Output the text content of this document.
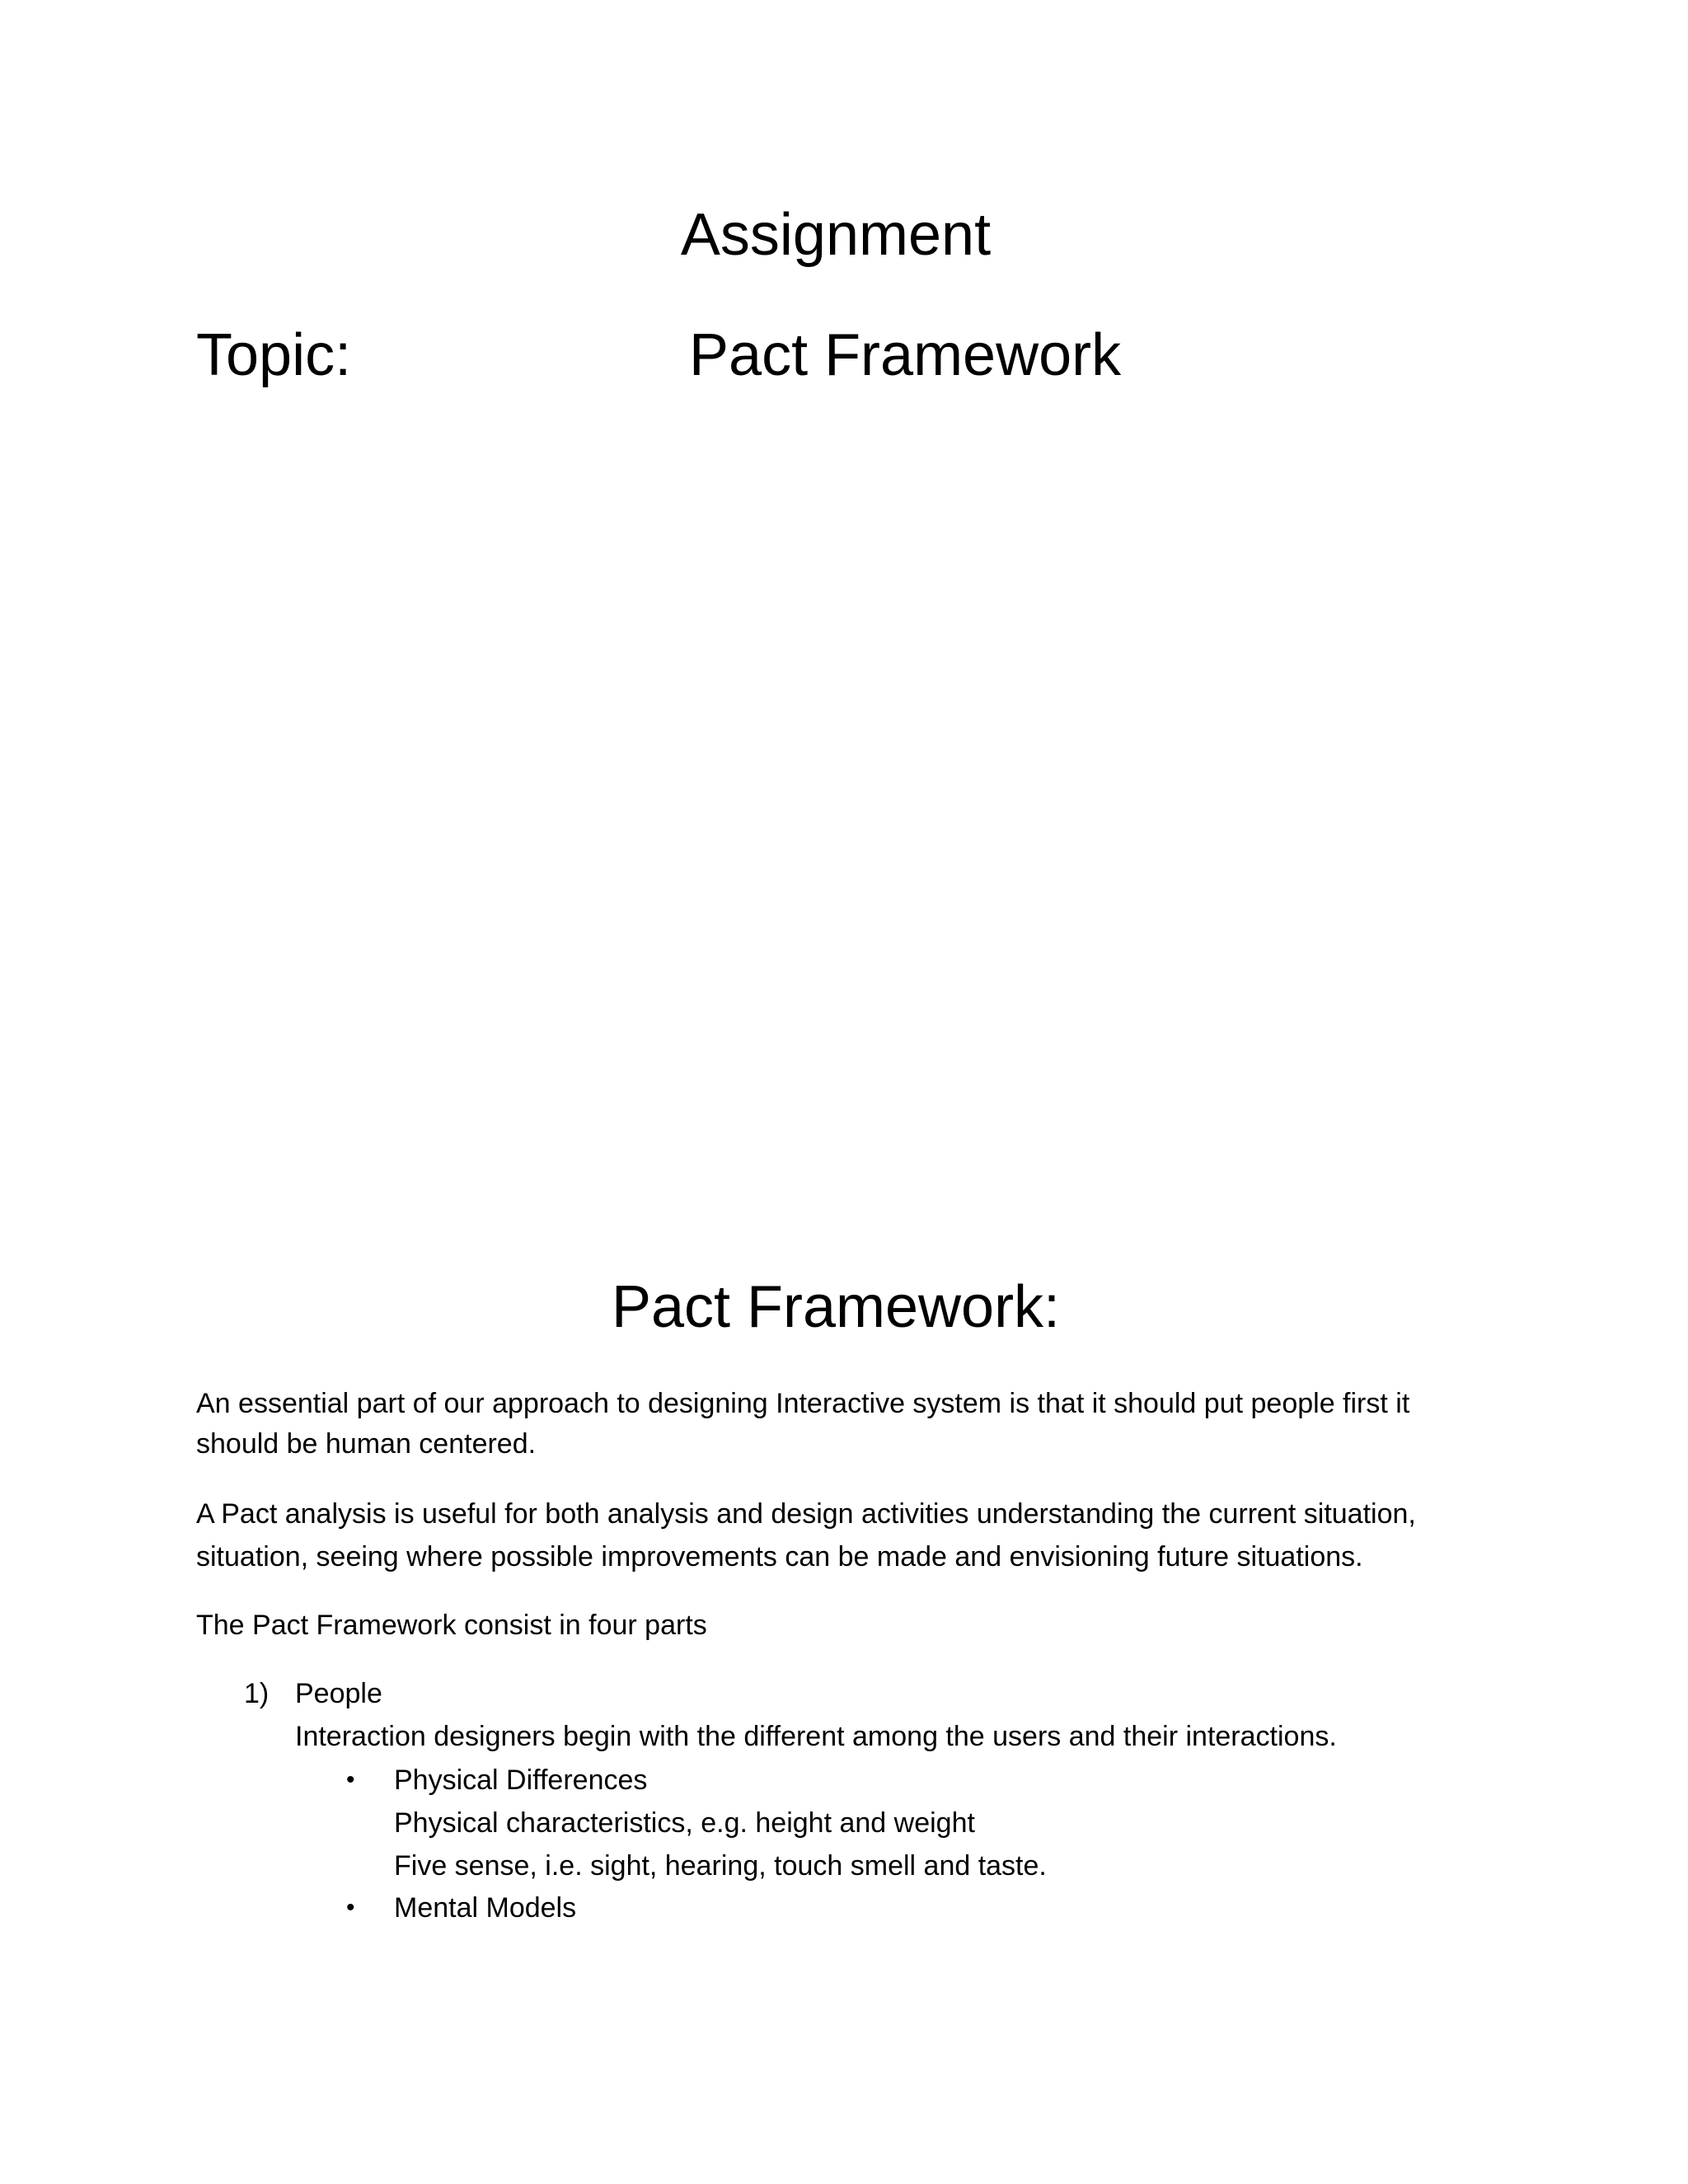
Assignment
Topic:	Pact Framework
Pact Framework:
An essential part of our approach to designing Interactive system is that it should put people first it
should be human centered.
A Pact analysis is useful for both analysis and design activities understanding the current situation,
situation, seeing where possible improvements can be made and envisioning future situations.
The Pact Framework consist in four parts
1) People
Interaction designers begin with the different among the users and their interactions.
• Physical Differences
Physical characteristics, e.g. height and weight
Five sense, i.e. sight, hearing, touch smell and taste.
• Mental Models
